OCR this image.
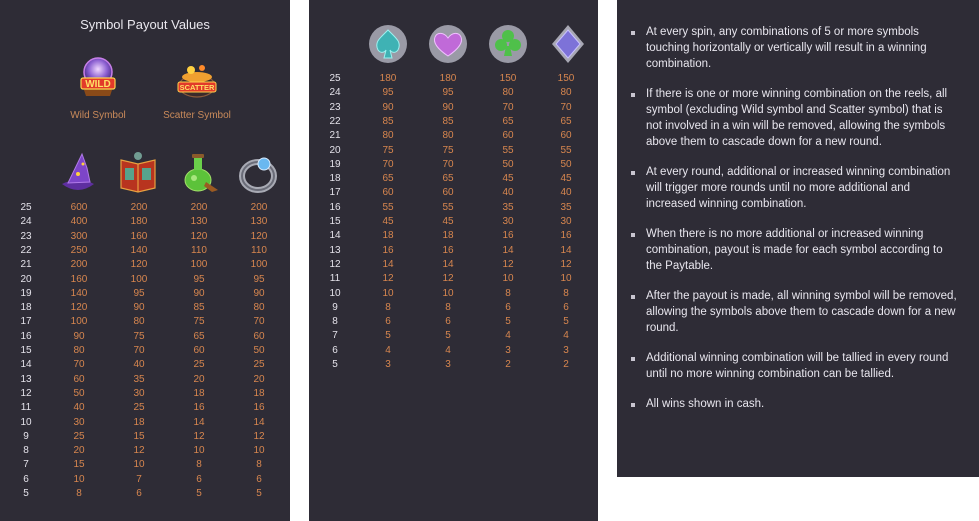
Symbol Payout Values
WILD
Wild Symbol
SCATTER
Scatter Symbol
25	600	200	200	200
24	400	180	130	130
23	300	160	120	120
22	250	140	110	110
21	200	120	100	100
20	160	100	95	95
19	140	95	90	90
18	120	90	85	80
17	100	80	75	70
16	90	75	65	60
15	80	70	60	50
14	70	40	25	25
13	60	35	20	20
12	50	30	18	18
11	40	25	16	16
10	30	18	14	14
9	25	15	12	12
8	20	12	10	10
7	15	10	8	8
6	10	7	6	6
5	8	6	5	5
25	180	180	150	150
24	95	95	80	80
23	90	90	70	70
22	85	85	65	65
21	80	80	60	60
20	75	75	55	55
19	70	70	50	50
18	65	65	45	45
17	60	60	40	40
16	55	55	35	35
15	45	45	30	30
14	18	18	16	16
13	16	16	14	14
12	14	14	12	12
11	12	12	10	10
10	10	10	8	8
9	8	8	6	6
8	6	6	5	5
7	5	5	4	4
6	4	4	3	3
5	3	3	2	2
At every spin, any combinations of 5 or more symbols touching horizontally or vertically will result in a winning combination.
If there is one or more winning combination on the reels, all symbol (excluding Wild symbol and Scatter symbol) that is not involved in a win will be removed, allowing the symbols above them to cascade down for a new round.
At every round, additional or increased winning combination will trigger more rounds until no more additional and increased winning combination.
When there is no more additional or increased winning combination, payout is made for each symbol according to the Paytable.
After the payout is made, all winning symbol will be removed, allowing the symbols above them to cascade down for a new round.
Additional winning combination will be tallied in every round until no more winning combination can be tallied.
All wins shown in cash.
